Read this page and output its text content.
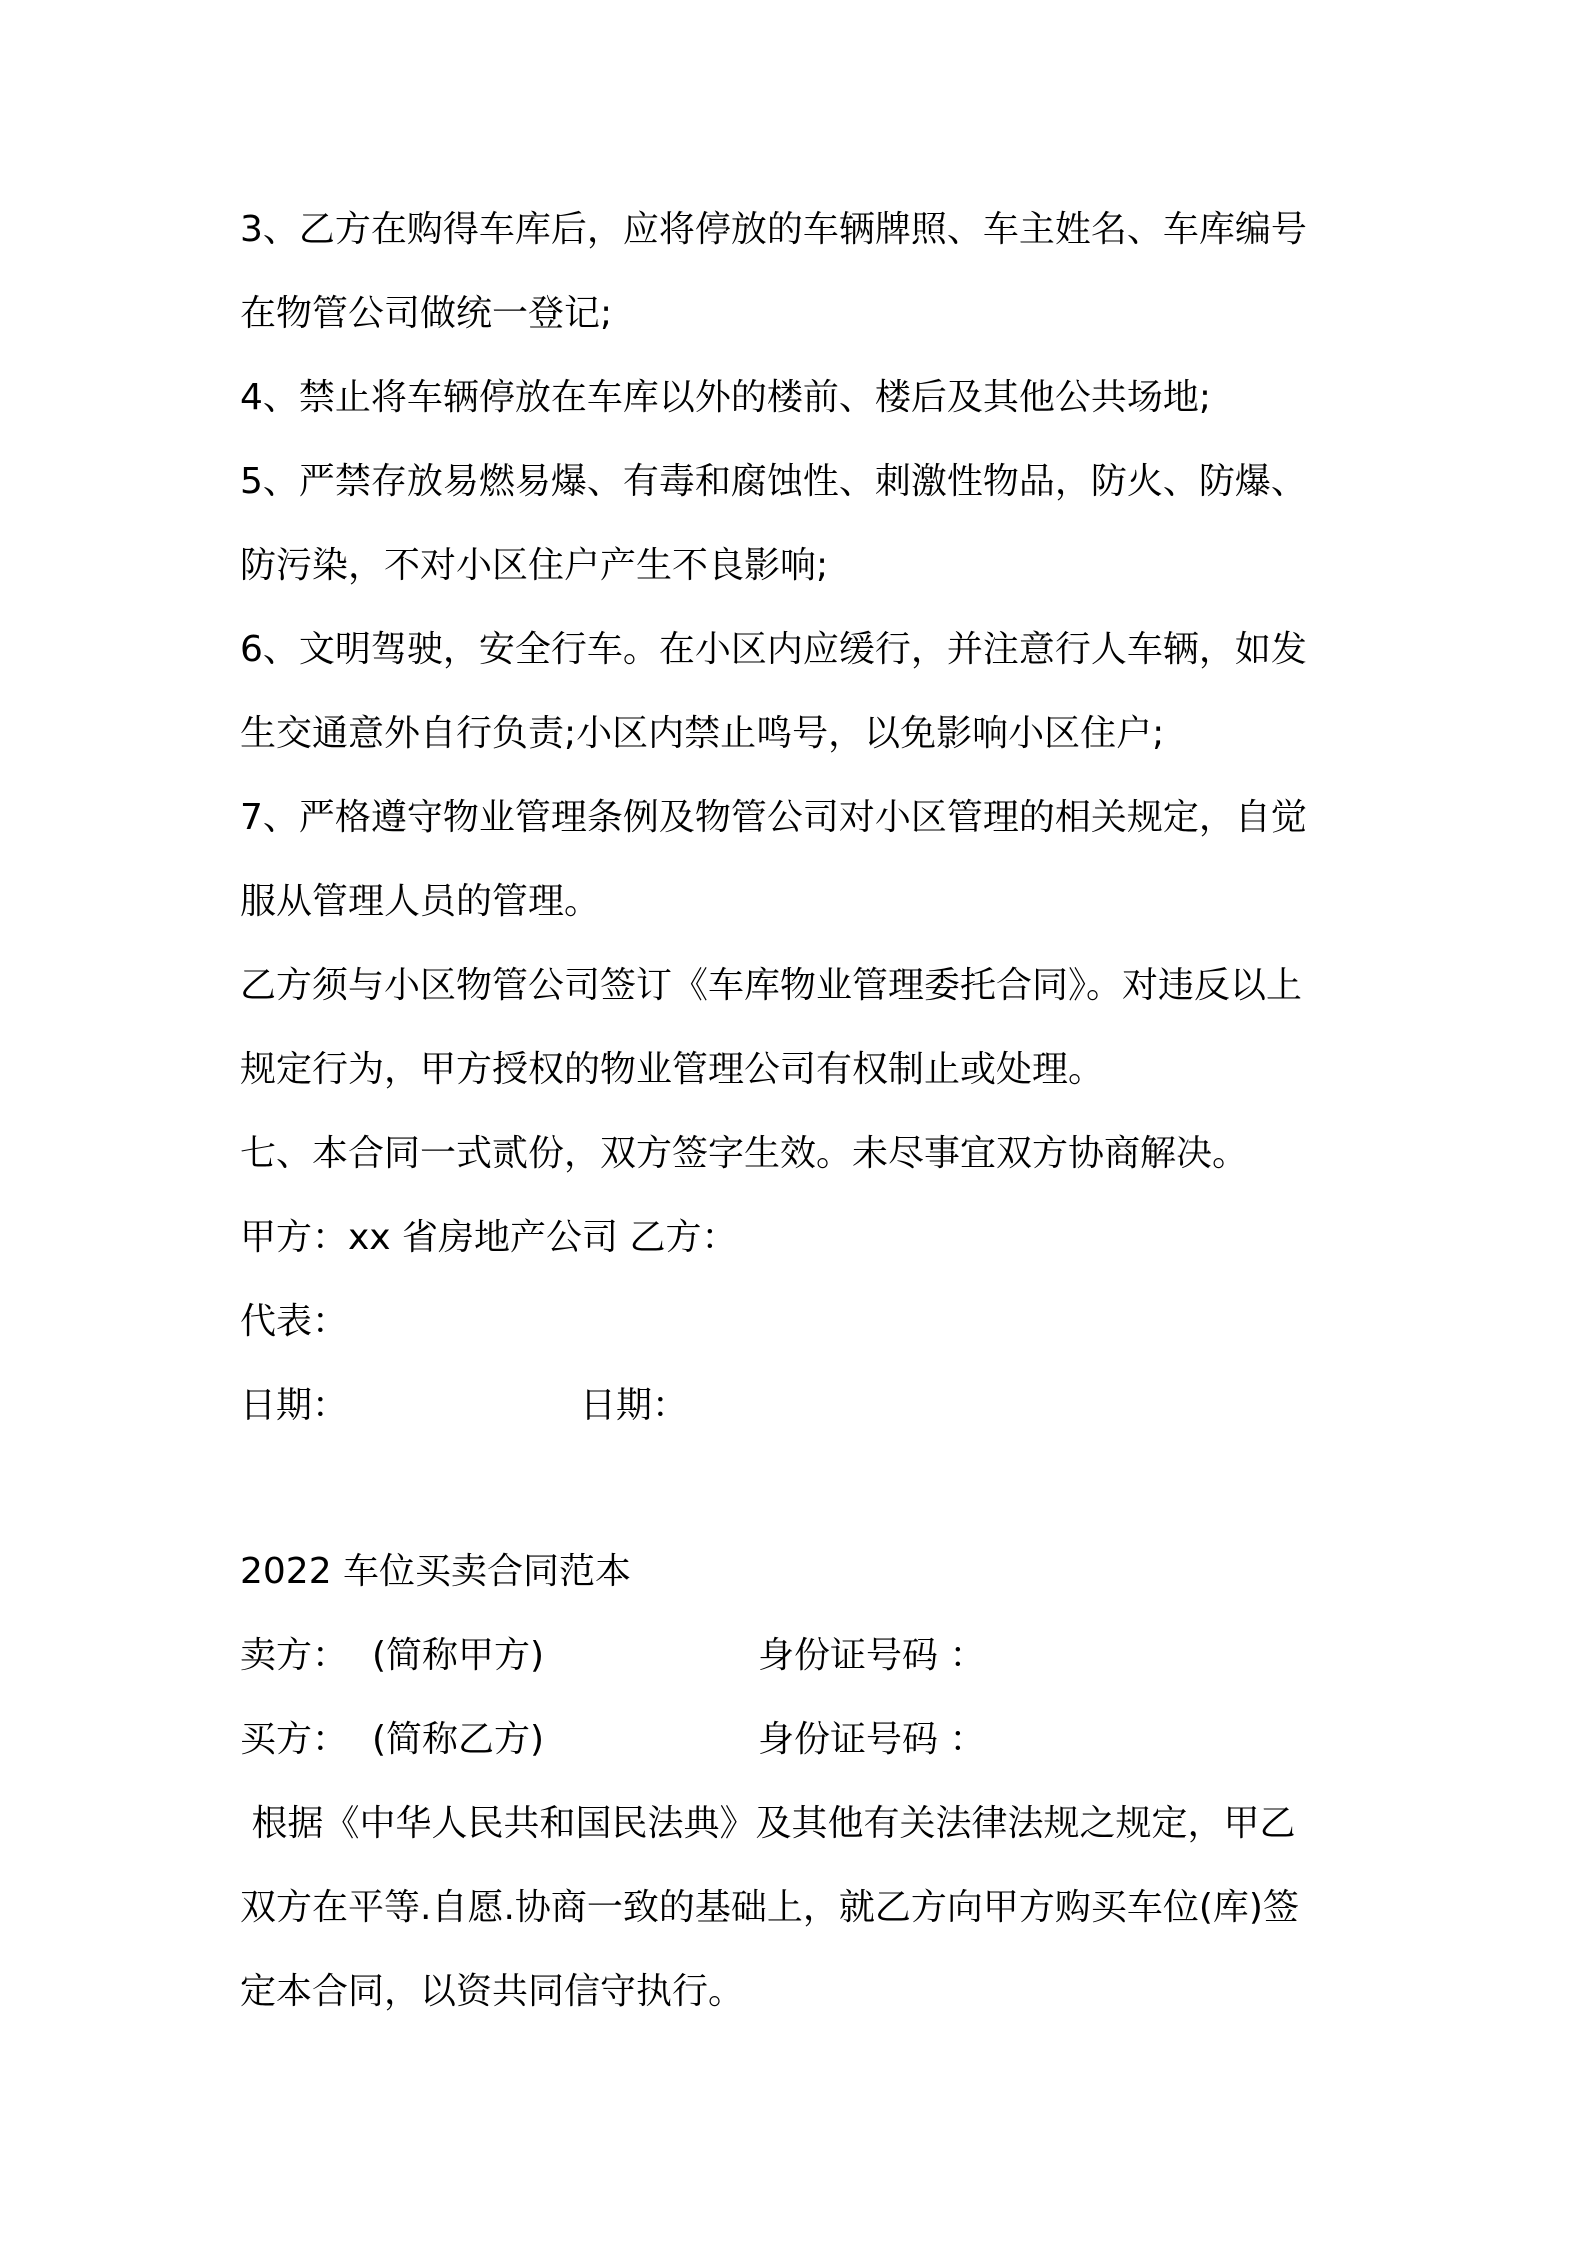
3、乙方在购得车库后，应将停放的车辆牌照、车主姓名、车库编号
在物管公司做统一登记;
4、禁止将车辆停放在车库以外的楼前、楼后及其他公共场地;
5、严禁存放易燃易爆、有毒和腐蚀性、刺激性物品，防火、防爆、
防污染，不对小区住户产生不良影响;
6、文明驾驶，安全行车。在小区内应缓行，并注意行人车辆，如发
生交通意外自行负责;小区内禁止鸣号，以免影响小区住户;
7、严格遵守物业管理条例及物管公司对小区管理的相关规定，自觉
服从管理人员的管理。
乙方须与小区物管公司签订《车库物业管理委托合同》。对违反以上
规定行为，甲方授权的物业管理公司有权制止或处理。
七、本合同一式贰份，双方签字生效。未尽事宜双方协商解决。
甲方：xx 省房地产公司 乙方：
代表：
日期：	日期：
2022 车位买卖合同范本
卖方： (简称甲方)	身份证号码 ：
买方： (简称乙方)	身份证号码 ：
根据《中华人民共和国民法典》及其他有关法律法规之规定，甲乙
双方在平等.自愿.协商一致的基础上，就乙方向甲方购买车位(库)签
定本合同，以资共同信守执行。
